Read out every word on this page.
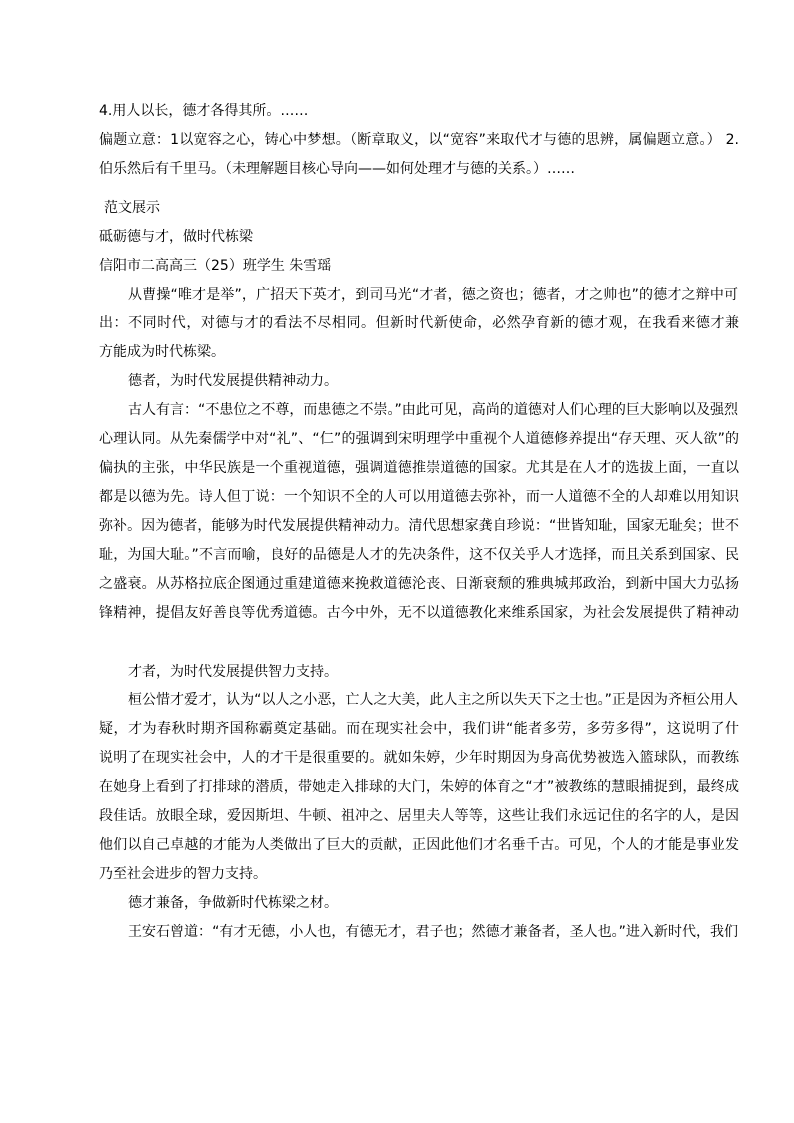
4.用人以长，德才各得其所。……
偏题立意：1以宽容之心，铸心中梦想。（断章取义，以“宽容”来取代才与德的思辨，属偏题立意。） 2.
伯乐然后有千里马。（未理解题目核心导向——如何处理才与德的关系。）……
范文展示
砥砺德与才，做时代栋梁
信阳市二高高三（25）班学生 朱雪瑶
从曹操“唯才是举”，广招天下英才，到司马光“才者，德之资也；德者，才之帅也”的德才之辩中可
出：不同时代，对德与才的看法不尽相同。但新时代新使命，必然孕育新的德才观，在我看来德才兼
方能成为时代栋梁。
德者，为时代发展提供精神动力。
古人有言：“不患位之不尊，而患德之不崇。”由此可见，高尚的道德对人们心理的巨大影响以及强烈
心理认同。从先秦儒学中对“礼”、“仁”的强调到宋明理学中重视个人道德修养提出“存天理、灭人欲”的
偏执的主张，中华民族是一个重视道德，强调道德推崇道德的国家。尤其是在人才的选拔上面，一直以
都是以德为先。诗人但丁说：一个知识不全的人可以用道德去弥补，而一人道德不全的人却难以用知识
弥补。因为德者，能够为时代发展提供精神动力。清代思想家龚自珍说：“世皆知耻，国家无耻矣；世不
耻，为国大耻。”不言而喻，良好的品德是人才的先决条件，这不仅关乎人才选择，而且关系到国家、民
之盛衰。从苏格拉底企图通过重建道德来挽救道德沦丧、日渐衰颓的雅典城邦政治，到新中国大力弘扬
锋精神，提倡友好善良等优秀道德。古今中外，无不以道德教化来维系国家，为社会发展提供了精神动
才者，为时代发展提供智力支持。
桓公惜才爱才，认为“以人之小恶，亡人之大美，此人主之所以失天下之士也。”正是因为齐桓公用人
疑，才为春秋时期齐国称霸奠定基础。而在现实社会中，我们讲“能者多劳，多劳多得”，这说明了什
说明了在现实社会中，人的才干是很重要的。就如朱婷，少年时期因为身高优势被选入篮球队，而教练
在她身上看到了打排球的潜质，带她走入排球的大门，朱婷的体育之“才”被教练的慧眼捕捉到，最终成
段佳话。放眼全球，爱因斯坦、牛顿、祖冲之、居里夫人等等，这些让我们永远记住的名字的人，是因
他们以自己卓越的才能为人类做出了巨大的贡献，正因此他们才名垂千古。可见，个人的才能是事业发
乃至社会进步的智力支持。
德才兼备，争做新时代栋梁之材。
王安石曾道：“有才无德，小人也，有德无才，君子也；然德才兼备者，圣人也。”进入新时代，我们
